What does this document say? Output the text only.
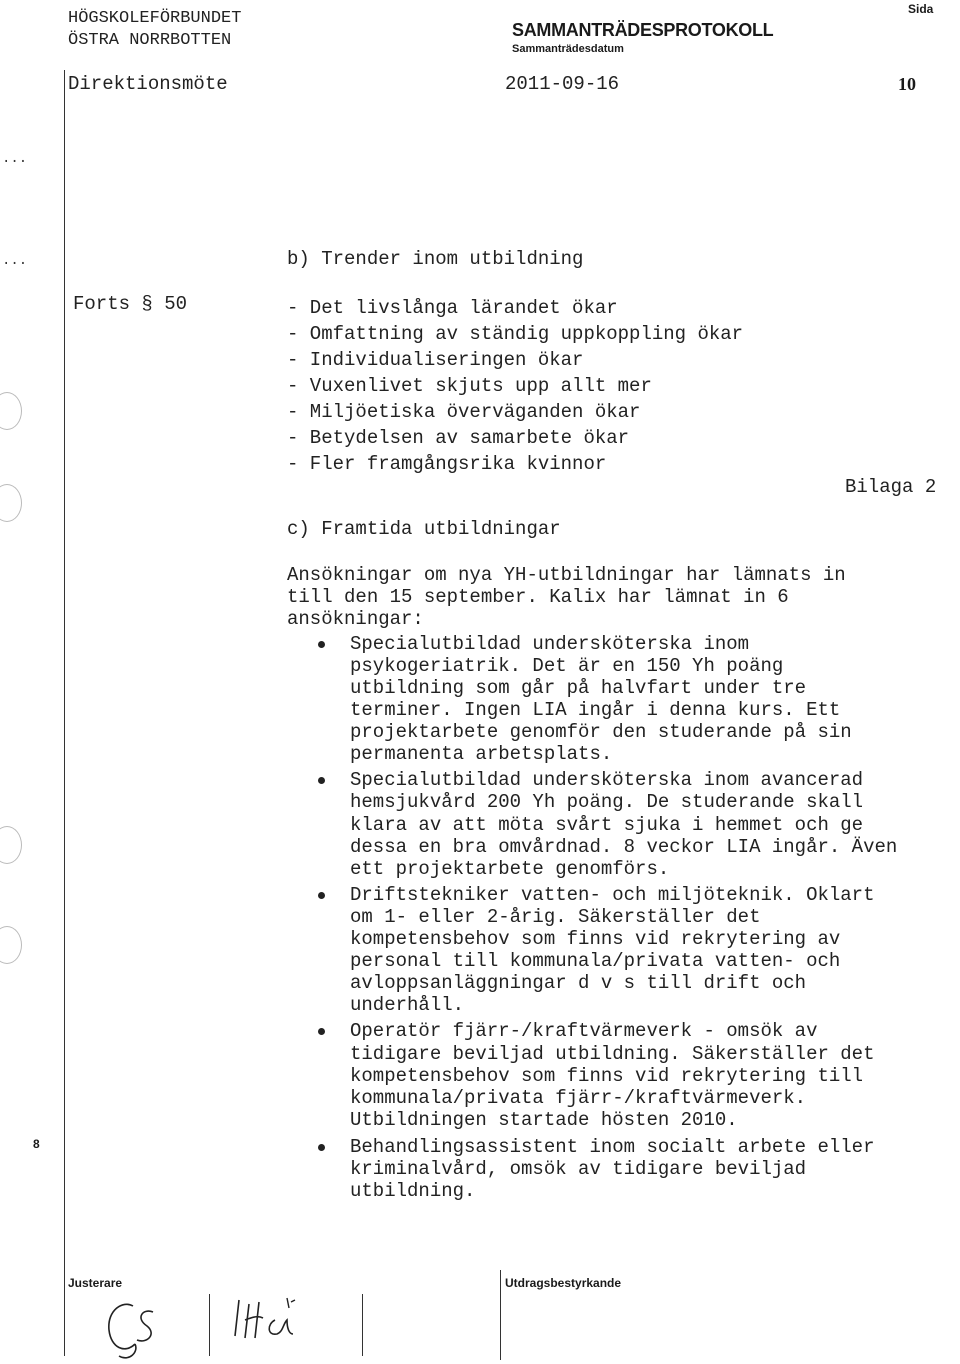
HÖGSKOLEFÖRBUNDET
ÖSTRA NORRBOTTEN
SAMMANTRÄDESPROTOKOLL
Sammanträdesdatum
Sida
Direktionsmöte	2011-09-16	10
...
...
Forts § 50
8
b) Trender inom utbildning
- Det livslånga lärandet ökar
- Omfattning av ständig uppkoppling ökar
- Individualiseringen ökar
- Vuxenlivet skjuts upp allt mer
- Miljöetiska överväganden ökar
- Betydelsen av samarbete ökar
- Fler framgångsrika kvinnor
Bilaga 2
c) Framtida utbildningar
Ansökningar om nya YH-utbildningar har lämnats in
till den 15 september. Kalix har lämnat in 6
ansökningar:
Specialutbildad undersköterska inom
psykogeriatrik. Det är en 150 Yh poäng
utbildning som går på halvfart under tre
terminer. Ingen LIA ingår i denna kurs. Ett
projektarbete genomför den studerande på sin
permanenta arbetsplats.
Specialutbildad undersköterska inom avancerad
hemsjukvård 200 Yh poäng. De studerande skall
klara av att möta svårt sjuka i hemmet och ge
dessa en bra omvårdnad. 8 veckor LIA ingår. Även
ett projektarbete genomförs.
Driftstekniker vatten- och miljöteknik. Oklart
om 1- eller 2-årig. Säkerställer det
kompetensbehov som finns vid rekrytering av
personal till kommunala/privata vatten- och
avloppsanläggningar d v s till drift och
underhåll.
Operatör fjärr-/kraftvärmeverk - omsök av
tidigare beviljad utbildning. Säkerställer det
kompetensbehov som finns vid rekrytering till
kommunala/privata fjärr-/kraftvärmeverk.
Utbildningen startade hösten 2010.
Behandlingsassistent inom socialt arbete eller
kriminalvård, omsök av tidigare beviljad
utbildning.
Justerare	Utdragsbestyrkande
